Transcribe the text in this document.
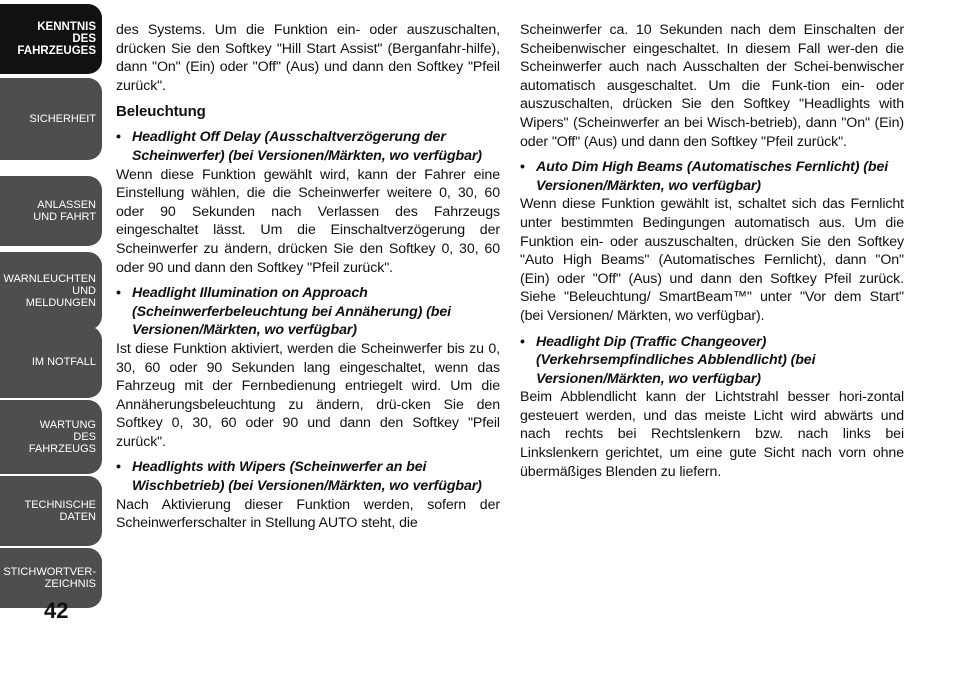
KENNTNIS
DES
FAHRZEUGES
SICHERHEIT
ANLASSEN
UND FAHRT
WARNLEUCHTEN
UND
MELDUNGEN
IM NOTFALL
WARTUNG
DES
FAHRZEUGS
TECHNISCHE
DATEN
STICHWORTVER-
ZEICHNIS
42

des Systems. Um die Funktion ein- oder auszuschalten, drücken Sie den Softkey "Hill Start Assist" (Berganfahr-hilfe), dann "On" (Ein) oder "Off" (Aus) und dann den Softkey "Pfeil zurück".

Beleuchtung
• Headlight Off Delay (Ausschaltverzögerung der Scheinwerfer) (bei Versionen/Märkten, wo verfügbar)

Wenn diese Funktion gewählt wird, kann der Fahrer eine Einstellung wählen, die die Scheinwerfer weitere 0, 30, 60 oder 90 Sekunden nach Verlassen des Fahrzeugs eingeschaltet lässt. Um die Einschaltverzögerung der Scheinwerfer zu ändern, drücken Sie den Softkey 0, 30, 60 oder 90 und dann den Softkey "Pfeil zurück".

• Headlight Illumination on Approach (Scheinwerferbeleuchtung bei Annäherung) (bei Versionen/Märkten, wo verfügbar)

Ist diese Funktion aktiviert, werden die Scheinwerfer bis zu 0, 30, 60 oder 90 Sekunden lang eingeschaltet, wenn das Fahrzeug mit der Fernbedienung entriegelt wird. Um die Annäherungsbeleuchtung zu ändern, drü-cken Sie den Softkey 0, 30, 60 oder 90 und dann den Softkey "Pfeil zurück".

• Headlights with Wipers (Scheinwerfer an bei Wischbetrieb) (bei Versionen/Märkten, wo verfügbar)

Nach Aktivierung dieser Funktion werden, sofern der Scheinwerferschalter in Stellung AUTO steht, die

Scheinwerfer ca. 10 Sekunden nach dem Einschalten der Scheibenwischer eingeschaltet. In diesem Fall wer-den die Scheinwerfer auch nach Ausschalten der Schei-benwischer automatisch ausgeschaltet. Um die Funk-tion ein- oder auszuschalten, drücken Sie den Softkey "Headlights with Wipers" (Scheinwerfer an bei Wisch-betrieb), dann "On" (Ein) oder "Off" (Aus) und dann den Softkey "Pfeil zurück".

• Auto Dim High Beams (Automatisches Fernlicht) (bei Versionen/Märkten, wo verfügbar)

Wenn diese Funktion gewählt ist, schaltet sich das Fernlicht unter bestimmten Bedingungen automatisch aus. Um die Funktion ein- oder auszuschalten, drücken Sie den Softkey "Auto High Beams" (Automatisches Fernlicht), dann "On" (Ein) oder "Off" (Aus) und dann den Softkey Pfeil zurück. Siehe "Beleuchtung/ SmartBeam™" unter "Vor dem Start" (bei Versionen/ Märkten, wo verfügbar).

• Headlight Dip (Traffic Changeover) (Verkehrsempfindliches Abblendlicht) (bei Versionen/Märkten, wo verfügbar)

Beim Abblendlicht kann der Lichtstrahl besser hori-zontal gesteuert werden, und das meiste Licht wird abwärts und nach rechts bei Rechtslenkern bzw. nach links bei Linkslenkern gerichtet, um eine gute Sicht nach vorn ohne übermäßiges Blenden zu liefern.
